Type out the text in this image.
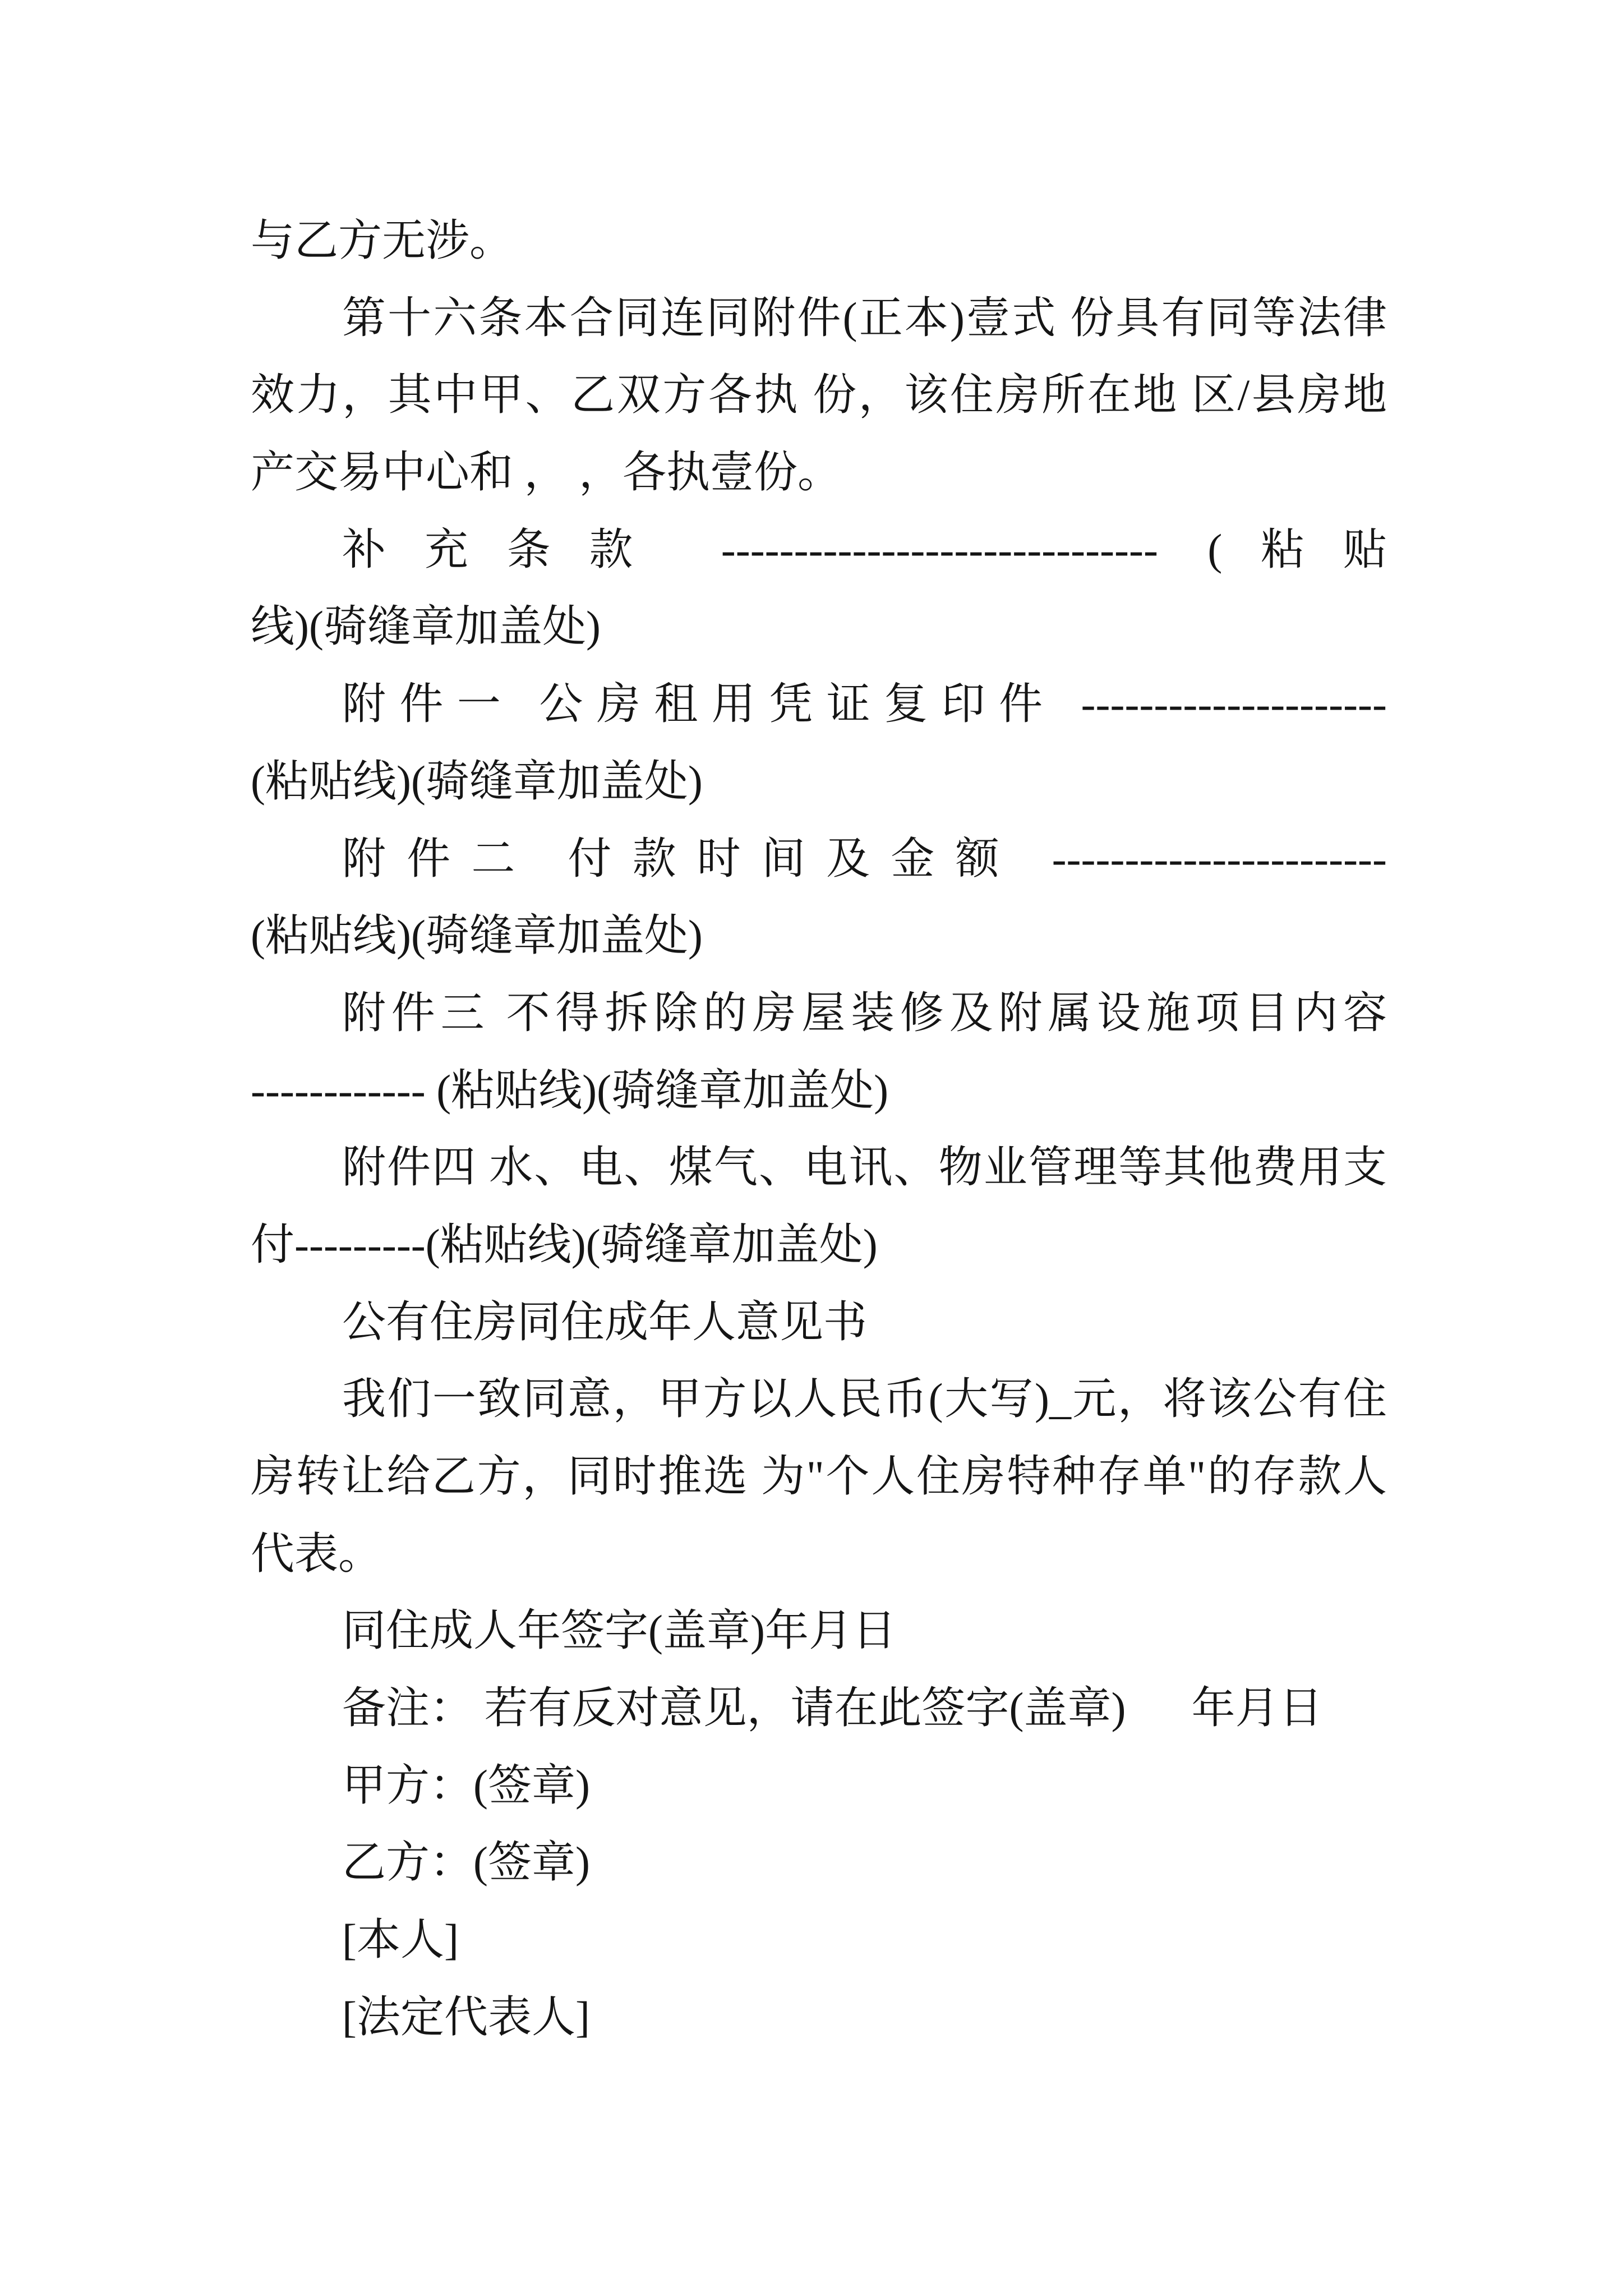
与乙方无涉。
第十六条本合同连同附件(正本)壹式 份具有同等法律
效力，其中甲、乙双方各执 份，该住房所在地 区/县房地
产交易中心和 ， ，各执壹份。
补充条款 ------------------------------ (粘贴
线)(骑缝章加盖处)
附件一 公房租用凭证复印件 ---------------------
(粘贴线)(骑缝章加盖处)
附件二 付款时间及金额 -----------------------
(粘贴线)(骑缝章加盖处)
附件三 不得拆除的房屋装修及附属设施项目内容
------------ (粘贴线)(骑缝章加盖处)
附件四 水、电、煤气、电讯、物业管理等其他费用支
付---------(粘贴线)(骑缝章加盖处)
公有住房同住成年人意见书
我们一致同意，甲方以人民币(大写)_元，将该公有住
房转让给乙方，同时推选 为"个人住房特种存单"的存款人
代表。
同住成人年签字(盖章)年月日
备注： 若有反对意见，请在此签字(盖章)      年月日
甲方：(签章)
乙方：(签章)
[本人]
[法定代表人]
